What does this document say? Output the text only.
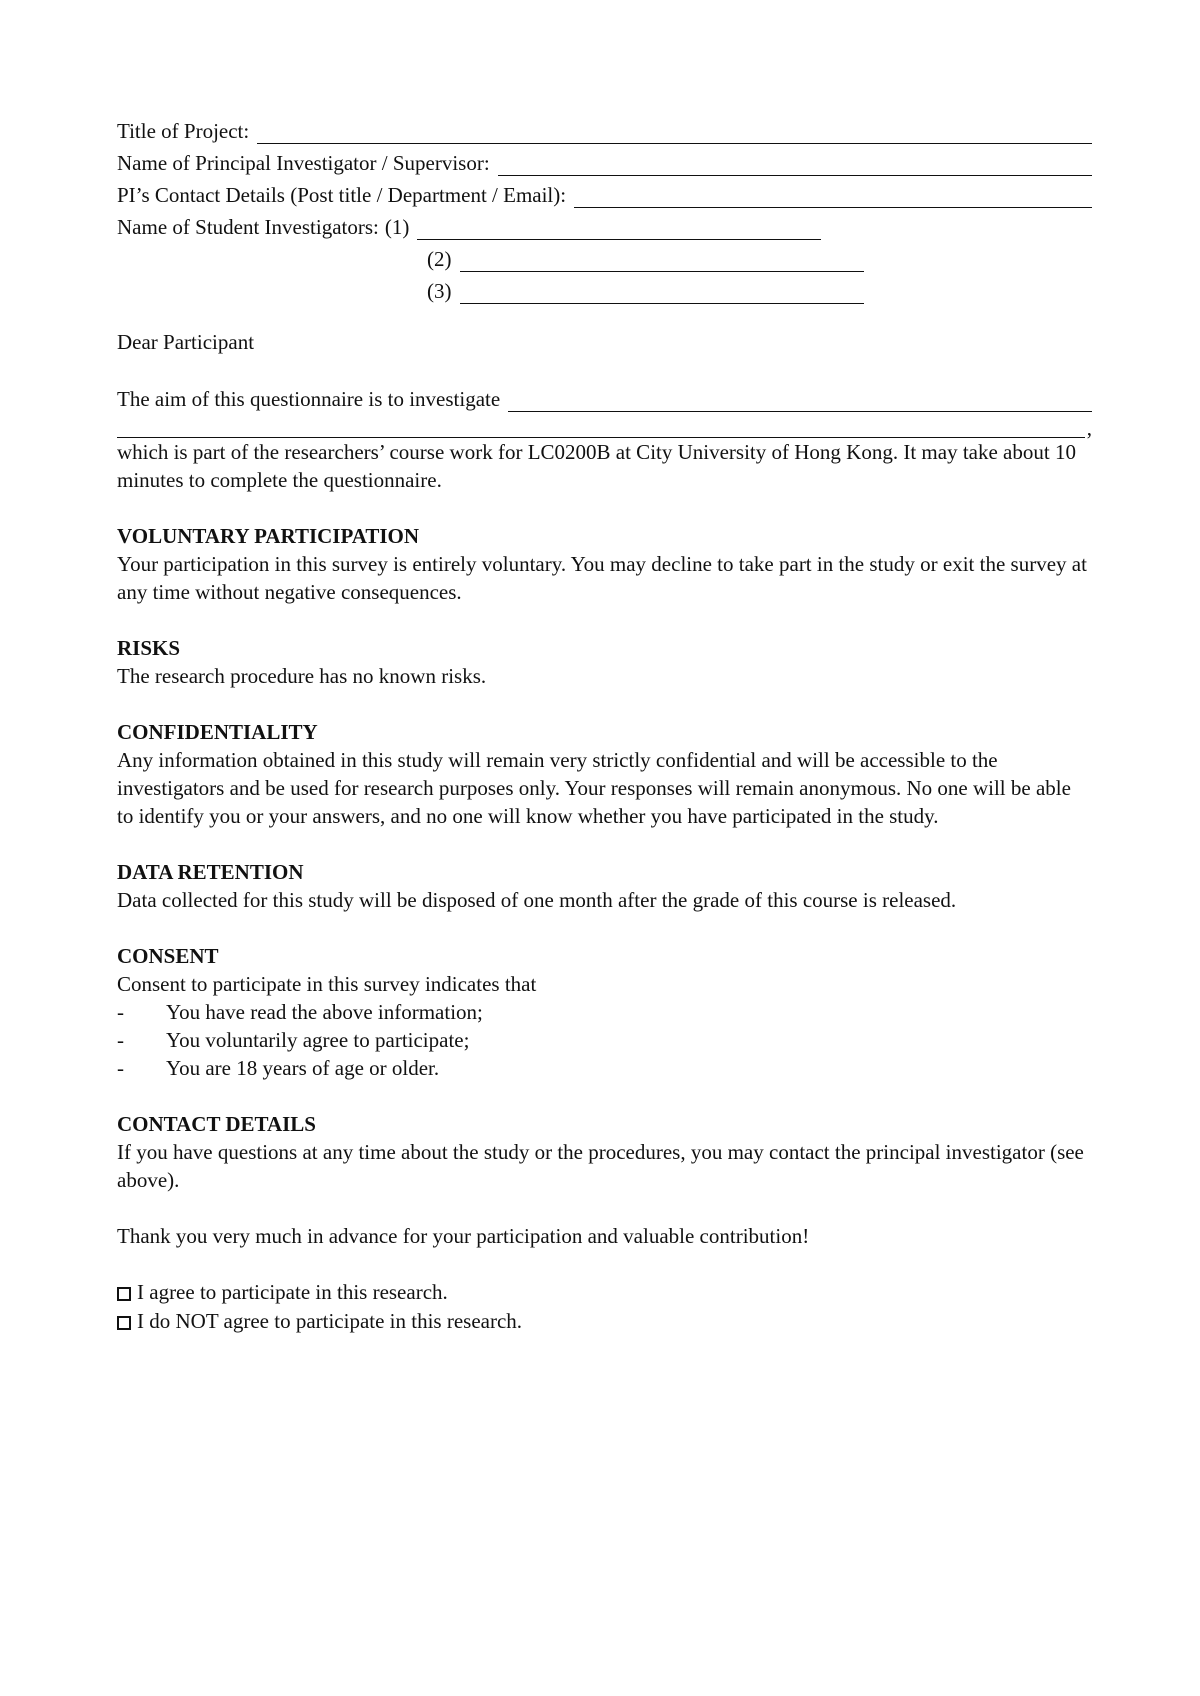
Title of Project:
Name of Principal Investigator / Supervisor:
PI’s Contact Details (Post title / Department / Email):
Name of Student Investigators: (1)
(2)
(3)

Dear Participant

The aim of this questionnaire is to investigate
,

which is part of the researchers’ course work for LC0200B at City University of Hong Kong. It may take about 10 minutes to complete the questionnaire.

VOLUNTARY PARTICIPATION

Your participation in this survey is entirely voluntary. You may decline to take part in the study or exit the survey at any time without negative consequences.

RISKS

The research procedure has no known risks.

CONFIDENTIALITY

Any information obtained in this study will remain very strictly confidential and will be accessible to the investigators and be used for research purposes only. Your responses will remain anonymous. No one will be able to identify you or your answers, and no one will know whether you have participated in the study.

DATA RETENTION

Data collected for this study will be disposed of one month after the grade of this course is released.

CONSENT

Consent to participate in this survey indicates that

-	You have read the above information;
-	You voluntarily agree to participate;
-	You are 18 years of age or older.
CONTACT DETAILS

If you have questions at any time about the study or the procedures, you may contact the principal investigator (see above).

Thank you very much in advance for your participation and valuable contribution!

I agree to participate in this research.
I do NOT agree to participate in this research.
